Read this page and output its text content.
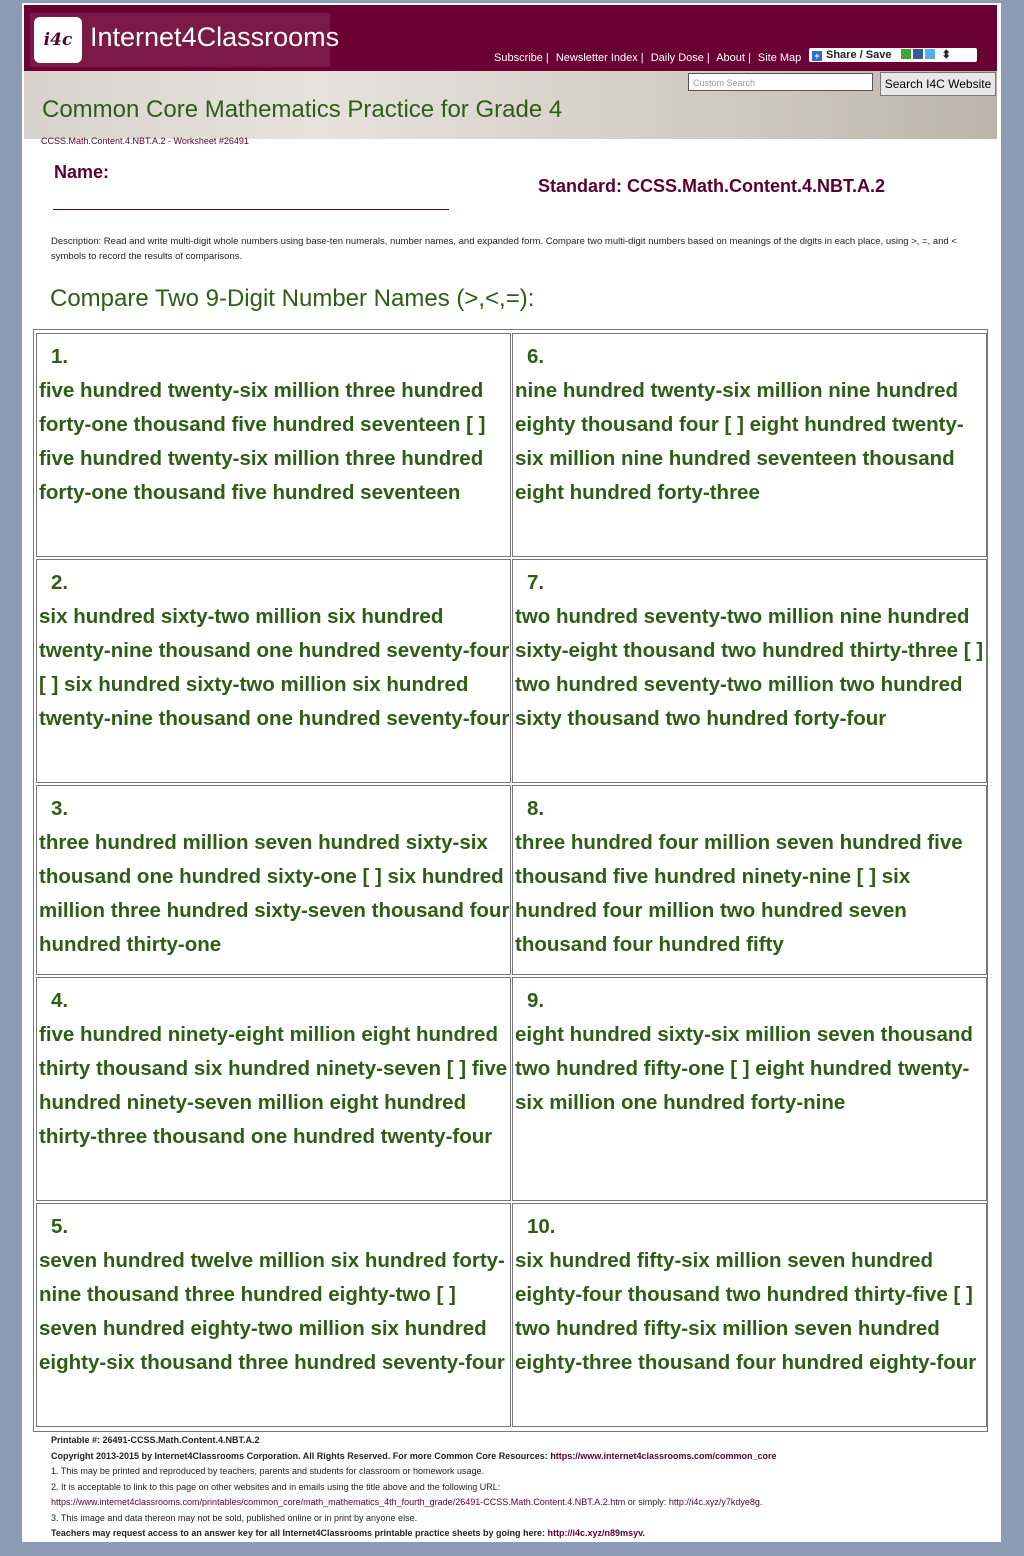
i4c Internet4Classrooms
Subscribe | Newsletter Index | Daily Dose | About | Site Map	+ Share / Save	⬍
Custom Search	Search I4C Website
Common Core Mathematics Practice for Grade 4
CCSS.Math.Content.4.NBT.A.2 - Worksheet #26491
Name:
Standard: CCSS.Math.Content.4.NBT.A.2
Description: Read and write multi-digit whole numbers using base-ten numerals, number names, and expanded form. Compare two multi-digit numbers based on meanings of the digits in each place, using >, =, and < symbols to record the results of comparisons.
Compare Two 9-Digit Number Names (>,<,=):
1.
five hundred twenty-six million three hundred forty-one thousand five hundred seventeen [ ] five hundred twenty-six million three hundred forty-one thousand five hundred seventeen
6.
nine hundred twenty-six million nine hundred eighty thousand four [ ] eight hundred twenty-six million nine hundred seventeen thousand eight hundred forty-three
2.
six hundred sixty-two million six hundred twenty-nine thousand one hundred seventy-four [ ] six hundred sixty-two million six hundred twenty-nine thousand one hundred seventy-four
7.
two hundred seventy-two million nine hundred sixty-eight thousand two hundred thirty-three [ ] two hundred seventy-two million two hundred sixty thousand two hundred forty-four
3.
three hundred million seven hundred sixty-six thousand one hundred sixty-one [ ] six hundred million three hundred sixty-seven thousand four hundred thirty-one
8.
three hundred four million seven hundred five thousand five hundred ninety-nine [ ] six hundred four million two hundred seven thousand four hundred fifty
4.
five hundred ninety-eight million eight hundred thirty thousand six hundred ninety-seven [ ] five hundred ninety-seven million eight hundred thirty-three thousand one hundred twenty-four
9.
eight hundred sixty-six million seven thousand two hundred fifty-one [ ] eight hundred twenty-six million one hundred forty-nine
5.
seven hundred twelve million six hundred forty-nine thousand three hundred eighty-two [ ] seven hundred eighty-two million six hundred eighty-six thousand three hundred seventy-four
10.
six hundred fifty-six million seven hundred eighty-four thousand two hundred thirty-five [ ] two hundred fifty-six million seven hundred eighty-three thousand four hundred eighty-four
Printable #: 26491-CCSS.Math.Content.4.NBT.A.2
Copyright 2013-2015 by Internet4Classrooms Corporation. All Rights Reserved. For more Common Core Resources: https://www.internet4classrooms.com/common_core
1. This may be printed and reproduced by teachers, parents and students for classroom or homework usage.
2. It is acceptable to link to this page on other websites and in emails using the title above and the following URL:
https://www.internet4classrooms.com/printables/common_core/math_mathematics_4th_fourth_grade/26491-CCSS.Math.Content.4.NBT.A.2.htm or simply: http://i4c.xyz/y7kdye8g.
3. This image and data thereon may not be sold, published online or in print by anyone else.
Teachers may request access to an answer key for all Internet4Classrooms printable practice sheets by going here: http://i4c.xyz/n89msyv.
